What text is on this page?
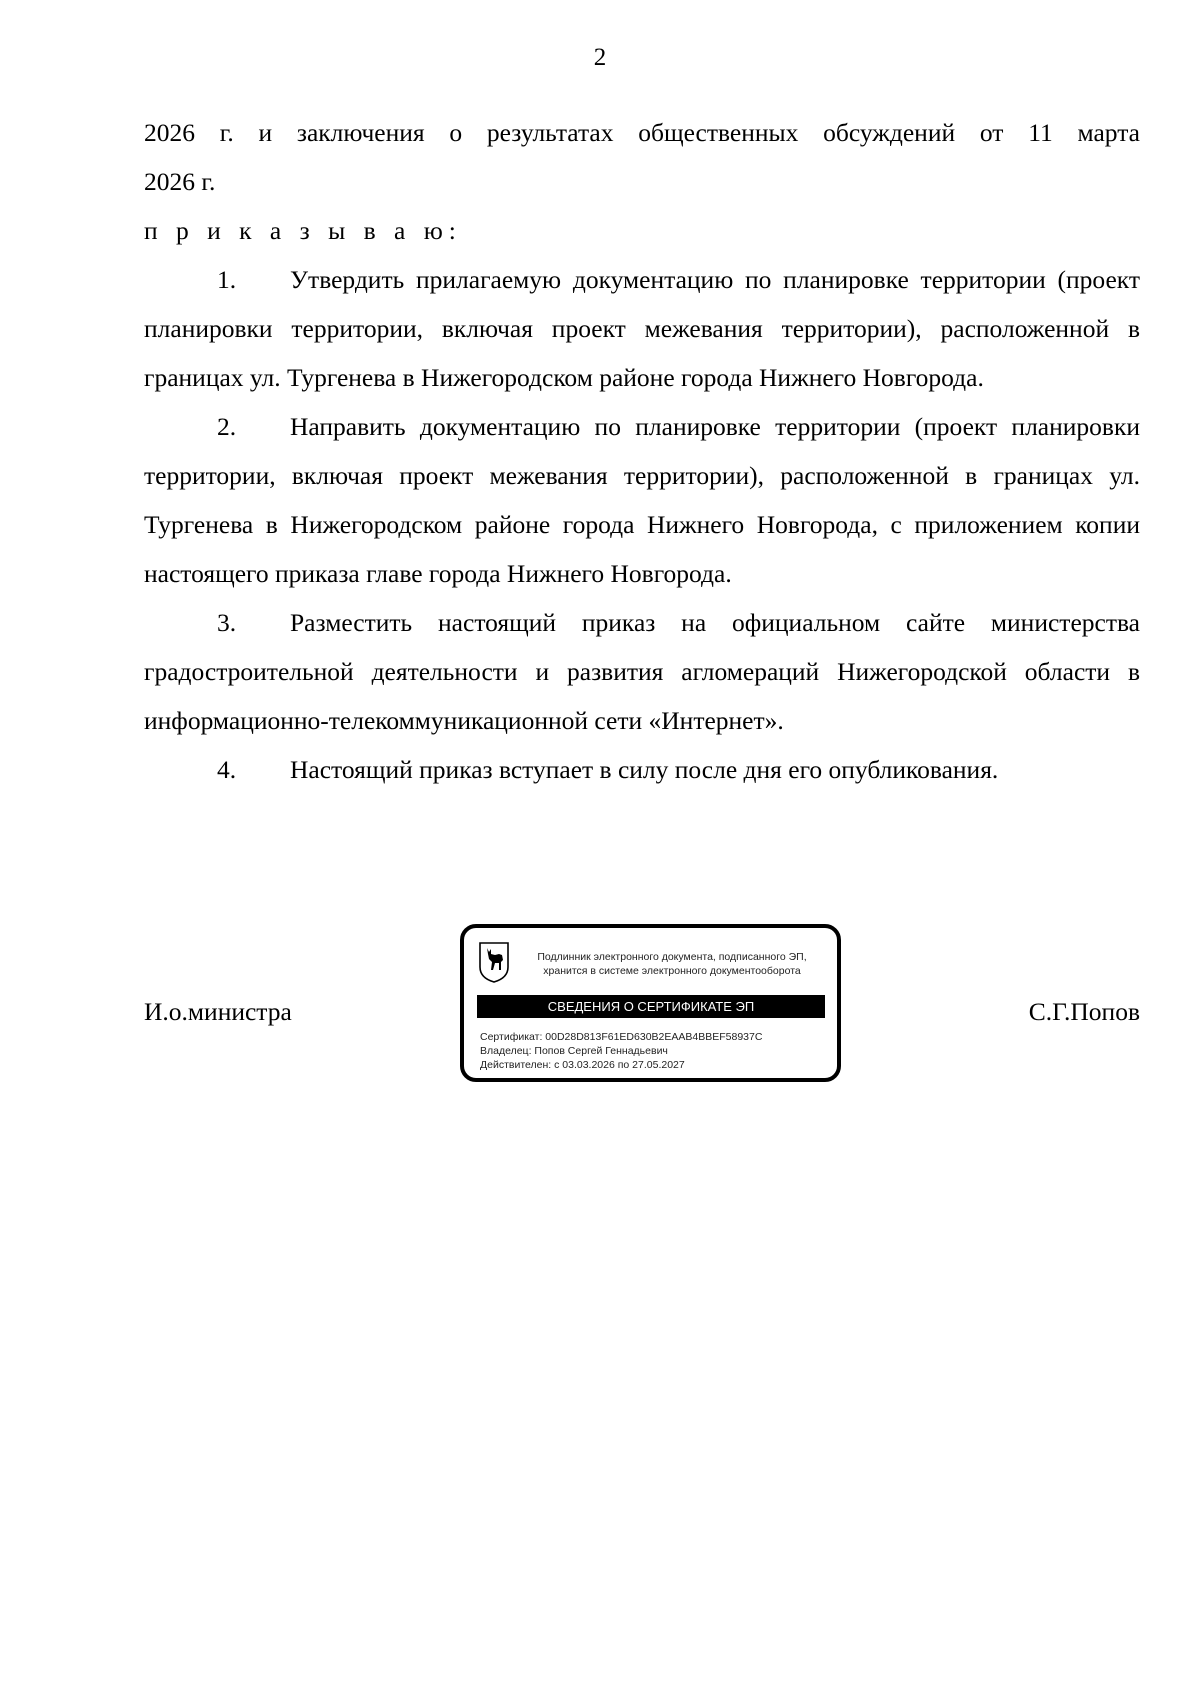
2

2026 г. и заключения о результатах общественных обсуждений от 11 марта

2026 г.

п р и к а з ы в а ю:

1. Утвердить прилагаемую документацию по планировке территории (проект планировки территории, включая проект межевания территории), расположенной в границах ул. Тургенева в Нижегородском районе города Нижнего Новгорода.

2. Направить документацию по планировке территории (проект планировки территории, включая проект межевания территории), расположенной в границах ул. Тургенева в Нижегородском районе города Нижнего Новгорода, с приложением копии настоящего приказа главе города Нижнего Новгорода.

3. Разместить настоящий приказ на официальном сайте министерства градостроительной деятельности и развития агломераций Нижегородской области в информационно-телекоммуникационной сети «Интернет».

4. Настоящий приказ вступает в силу после дня его опубликования.

И.о.министра	С.Г.Попов
Подлинник электронного документа, подписанного ЭП,
хранится в системе электронного документооборота
СВЕДЕНИЯ О СЕРТИФИКАТЕ ЭП
Сертификат: 00D28D813F61ED630B2EAAB4BBEF58937C
Владелец: Попов Сергей Геннадьевич
Действителен: с 03.03.2026 по 27.05.2027
